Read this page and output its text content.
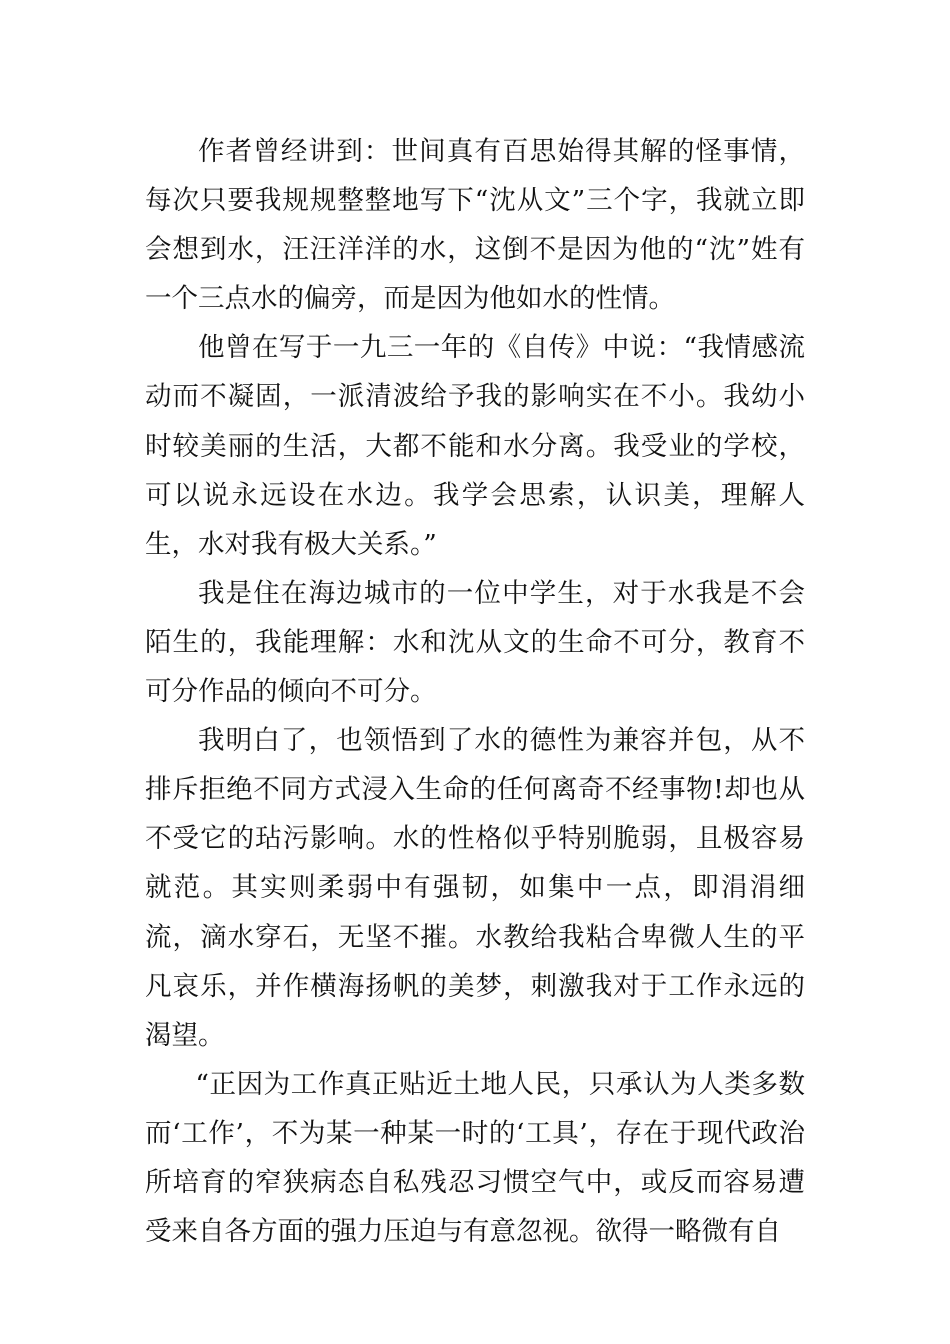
作者曾经讲到：世间真有百思始得其解的怪事情，每次只要我规规整整地写下“沈从文”三个字，我就立即会想到水，汪汪洋洋的水，这倒不是因为他的“沈”姓有一个三点水的偏旁，而是因为他如水的性情。

他曾在写于一九三一年的《自传》中说：“我情感流动而不凝固，一派清波给予我的影响实在不小。我幼小时较美丽的生活，大都不能和水分离。我受业的学校，可以说永远设在水边。我学会思索，认识美，理解人生，水对我有极大关系。”

我是住在海边城市的一位中学生，对于水我是不会陌生的，我能理解：水和沈从文的生命不可分，教育不可分作品的倾向不可分。

我明白了，也领悟到了水的德性为兼容并包，从不排斥拒绝不同方式浸入生命的任何离奇不经事物!却也从不受它的玷污影响。水的性格似乎特别脆弱，且极容易就范。其实则柔弱中有强韧，如集中一点，即涓涓细流，滴水穿石，无坚不摧。水教给我粘合卑微人生的平凡哀乐，并作横海扬帆的美梦，刺激我对于工作永远的渴望。

“正因为工作真正贴近土地人民，只承认为人类多数而‘工作’，不为某一种某一时的‘工具’，存在于现代政治所培育的窄狭病态自私残忍习惯空气中，或反而容易遭受来自各方面的强力压迫与有意忽视。欲得一略微有自
